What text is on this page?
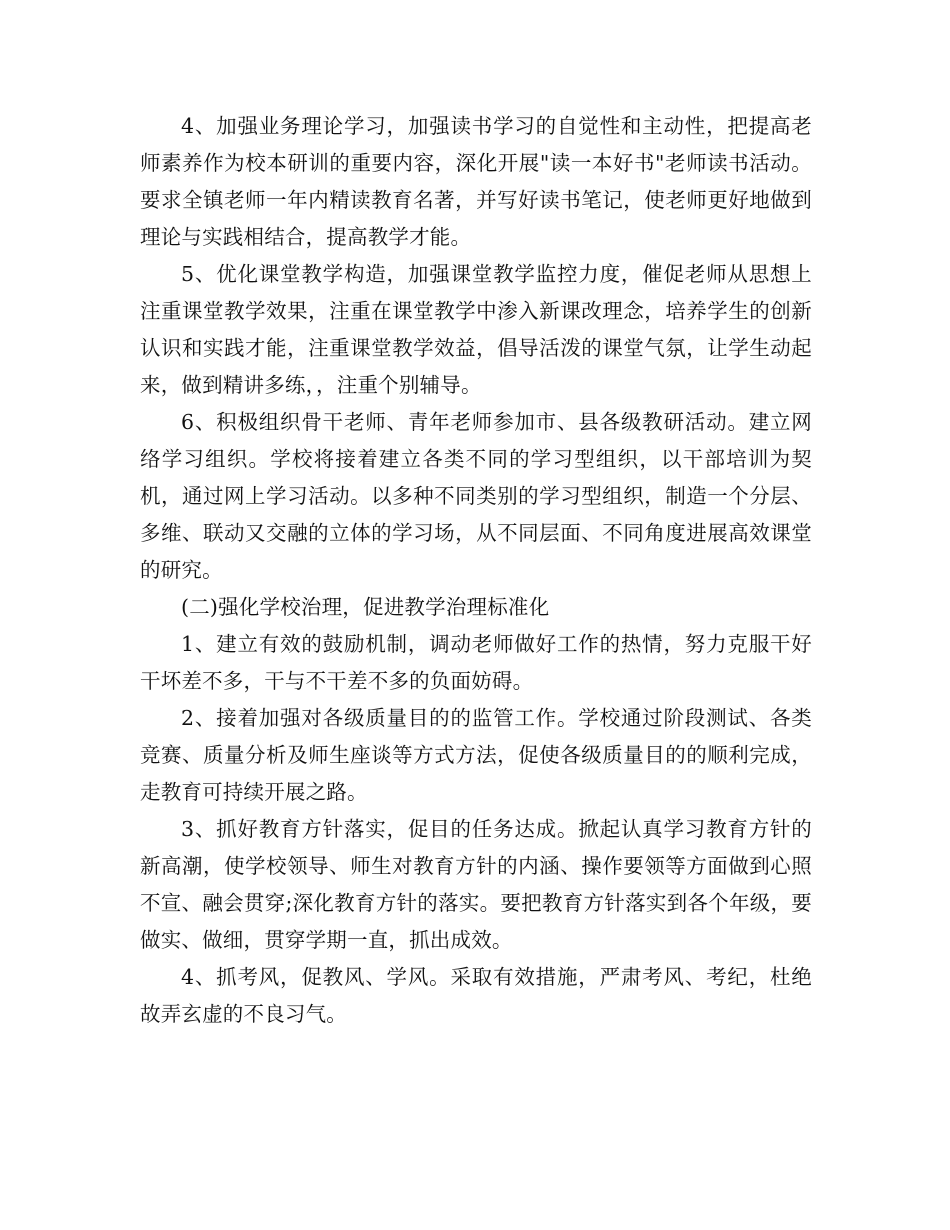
4、加强业务理论学习，加强读书学习的自觉性和主动性，把提高老师素养作为校本研训的重要内容，深化开展"读一本好书"老师读书活动。要求全镇老师一年内精读教育名著，并写好读书笔记，使老师更好地做到理论与实践相结合，提高教学才能。

5、优化课堂教学构造，加强课堂教学监控力度，催促老师从思想上注重课堂教学效果，注重在课堂教学中渗入新课改理念，培养学生的创新认识和实践才能，注重课堂教学效益，倡导活泼的课堂气氛，让学生动起来，做到精讲多练，，注重个别辅导。

6、积极组织骨干老师、青年老师参加市、县各级教研活动。建立网络学习组织。学校将接着建立各类不同的学习型组织，以干部培训为契机，通过网上学习活动。以多种不同类别的学习型组织，制造一个分层、多维、联动又交融的立体的学习场，从不同层面、不同角度进展高效课堂的研究。

(二)强化学校治理，促进教学治理标准化

1、建立有效的鼓励机制，调动老师做好工作的热情，努力克服干好干坏差不多，干与不干差不多的负面妨碍。

2、接着加强对各级质量目的的监管工作。学校通过阶段测试、各类竞赛、质量分析及师生座谈等方式方法，促使各级质量目的的顺利完成，走教育可持续开展之路。

3、抓好教育方针落实，促目的任务达成。掀起认真学习教育方针的新高潮，使学校领导、师生对教育方针的内涵、操作要领等方面做到心照不宣、融会贯穿;深化教育方针的落实。要把教育方针落实到各个年级，要做实、做细，贯穿学期一直，抓出成效。

4、抓考风，促教风、学风。采取有效措施，严肃考风、考纪，杜绝故弄玄虚的不良习气。
